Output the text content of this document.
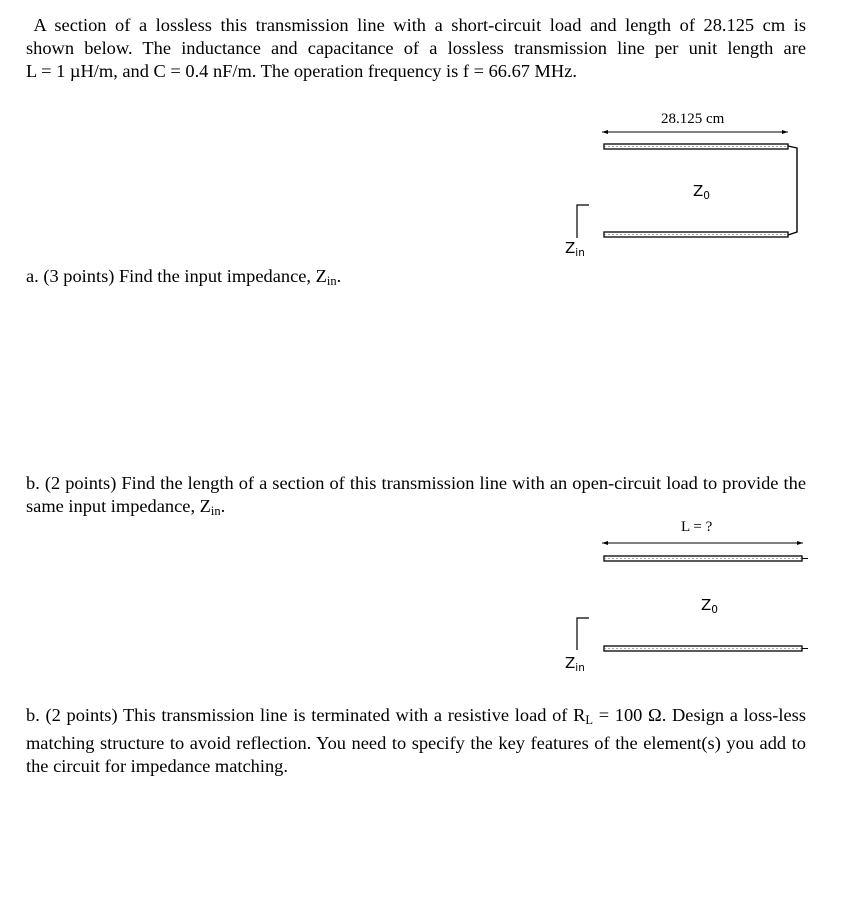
A section of a lossless this transmission line with a short-circuit load and length of 28.125 cm is
shown below. The inductance and capacitance of a lossless transmission line per unit length are
L = 1 µH/m, and C = 0.4 nF/m. The operation frequency is f = 66.67 MHz.
28.125 cm
$Z_0$
$Z_{in}$
a. (3 points) Find the input impedance, $Z_{in}$.
b. (2 points) Find the length of a section of this transmission line with an open-circuit load to provide the same input impedance, $Z_{in}$.
L = ?
$Z_0$
$Z_{in}$
b. (2 points) This transmission line is terminated with a resistive load of $R_L = 100$ Ω. Design a loss-less matching structure to avoid reflection. You need to specify the key features of the element(s) you add to the circuit for impedance matching.
